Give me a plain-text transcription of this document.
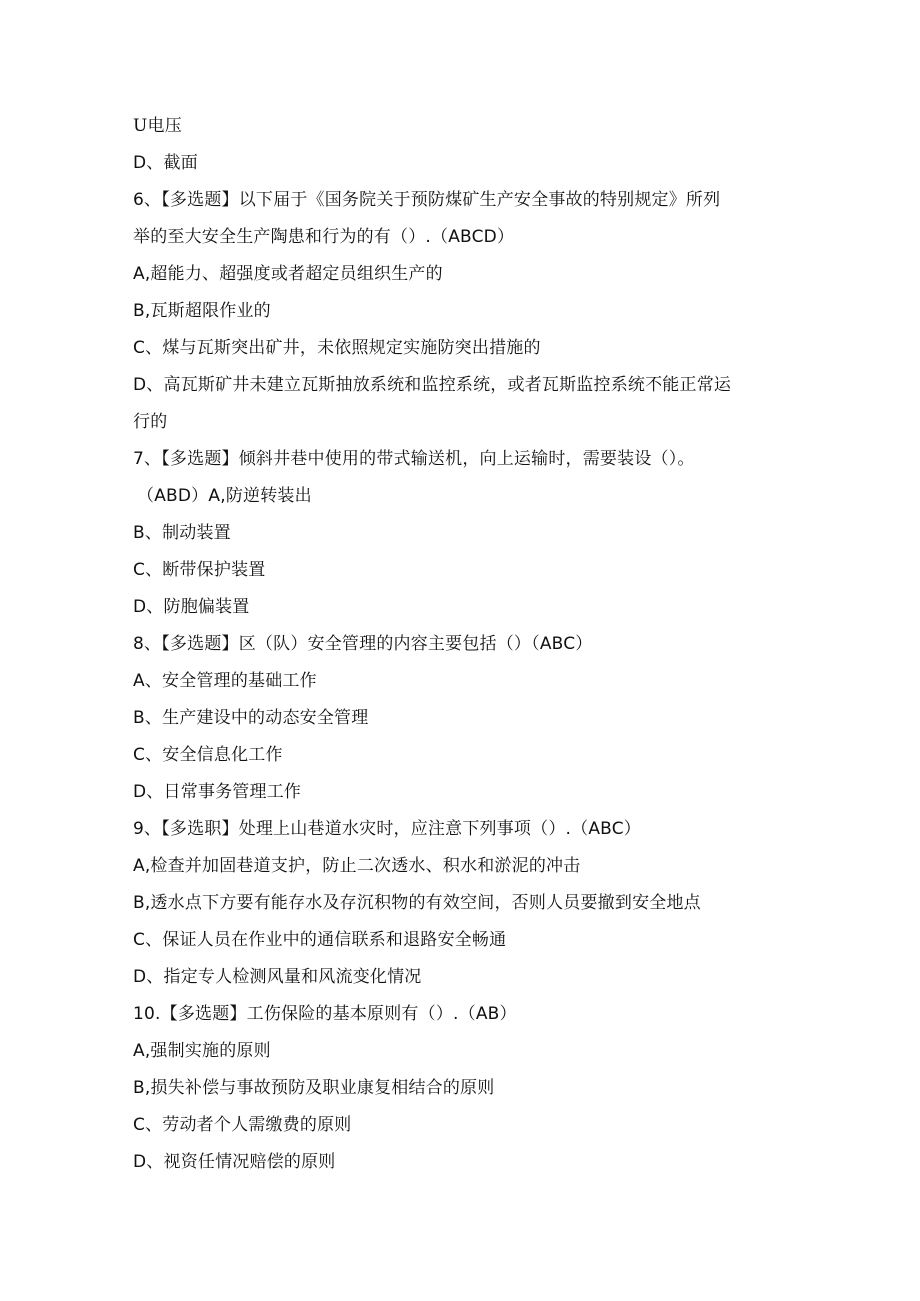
U电压
D、截面
6、【多选题】以下届于《国务院关于预防煤矿生产安全事故的特别规定》所列
举的至大安全生产陶患和行为的有（）.（ABCD）
A,超能力、超强度或者超定员组织生产的
B,瓦斯超限作业的
C、煤与瓦斯突出矿井，未依照规定实施防突出措施的
D、高瓦斯矿井未建立瓦斯抽放系统和监控系统，或者瓦斯监控系统不能正常运
行的
7、【多选题】倾斜井巷中使用的带式输送机，向上运输时，需要装设（）。
（ABD）A,防逆转装出
B、制动装置
C、断带保护装置
D、防胞偏装置
8、【多选题】区（队）安全管理的内容主要包括（）（ABC）
A、安全管理的基础工作
B、生产建设中的动态安全管理
C、安全信息化工作
D、日常事务管理工作
9、【多选职】处理上山巷道水灾时，应注意下列事项（）.（ABC）
A,检查并加固巷道支护，防止二次透水、积水和淤泥的冲击
B,透水点下方要有能存水及存沉积物的有效空间，否则人员要撤到安全地点
C、保证人员在作业中的通信联系和退路安全畅通
D、指定专人检测风量和风流变化情况
10.【多选题】工伤保险的基本原则有（）.（AB）
A,强制实施的原则
B,损失补偿与事故预防及职业康复相结合的原则
C、劳动者个人需缴费的原则
D、视资任情况赔偿的原则
